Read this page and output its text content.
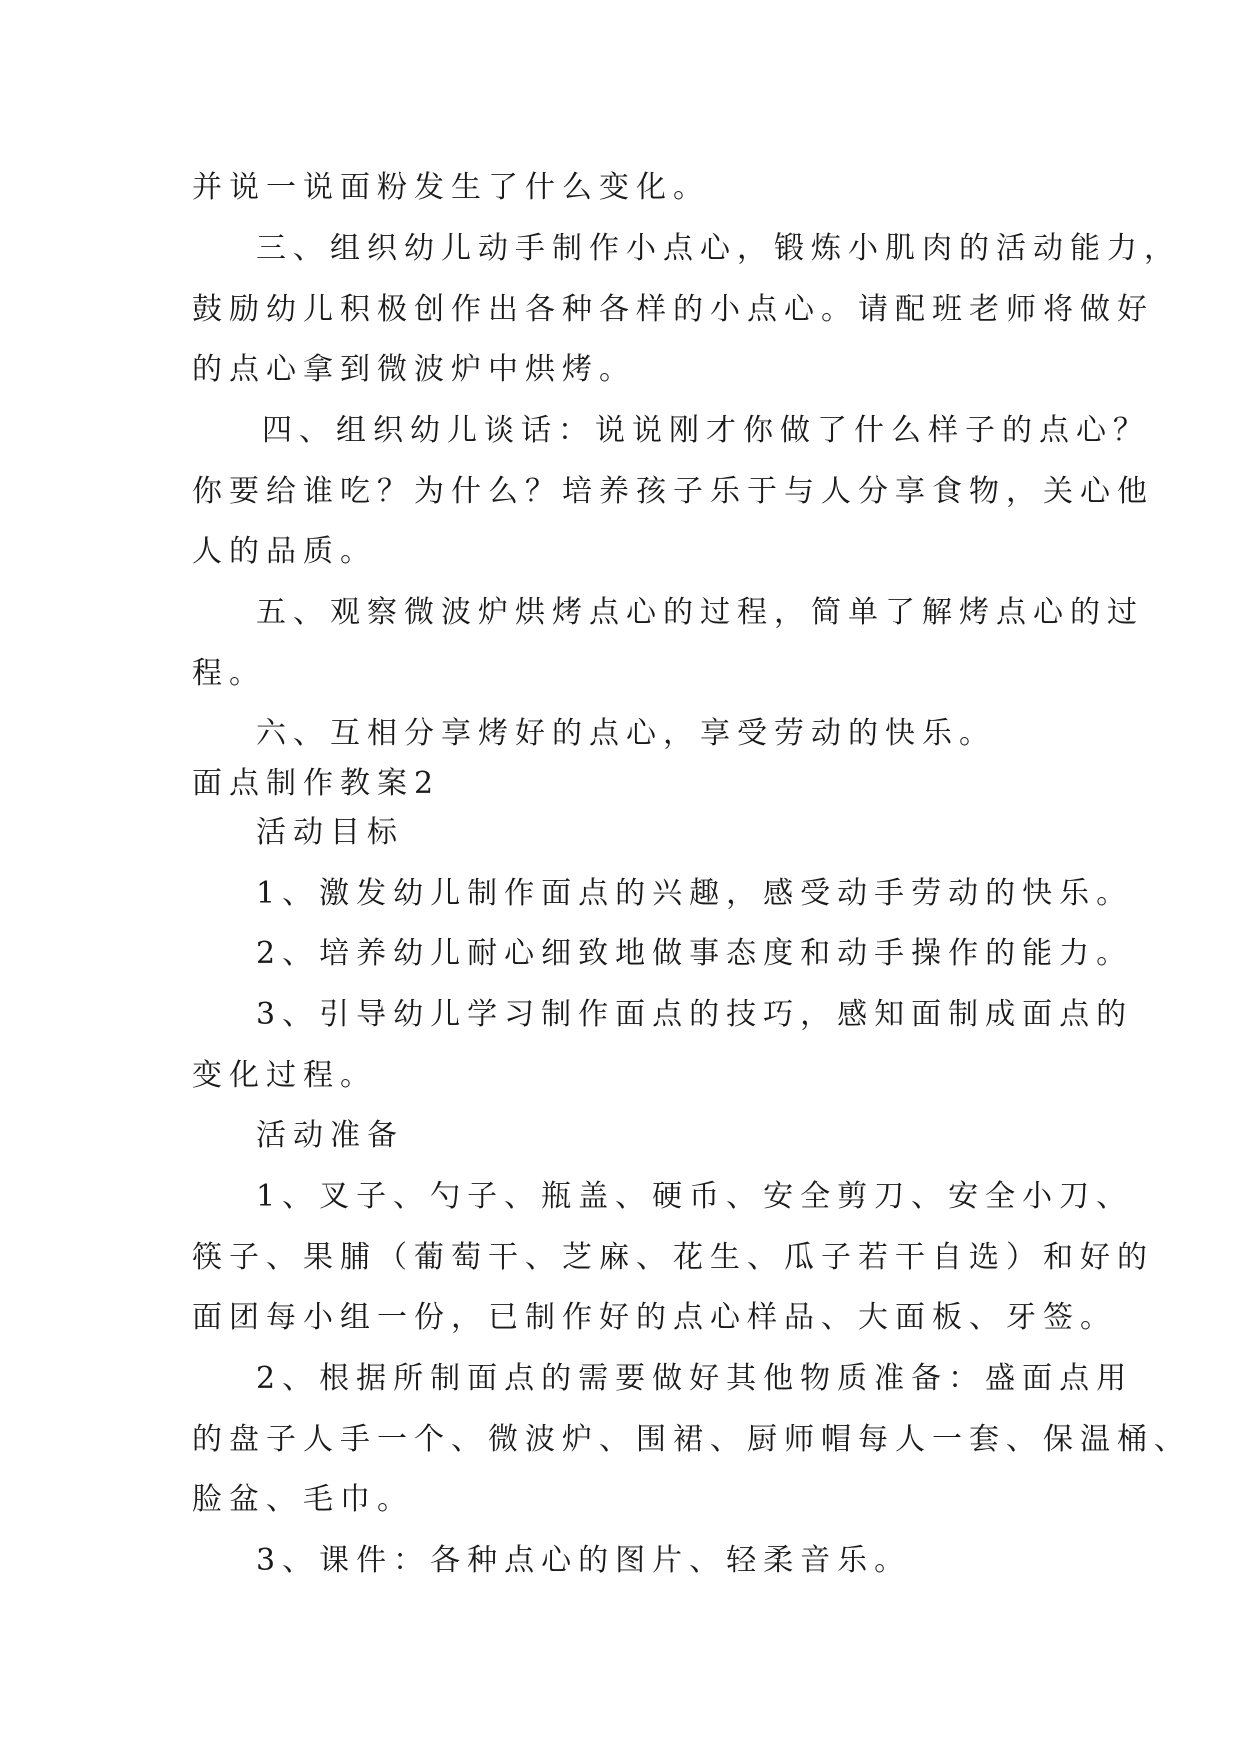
并说一说面粉发生了什么变化。
三、组织幼儿动手制作小点心，锻炼小肌肉的活动能力，
鼓励幼儿积极创作出各种各样的小点心。请配班老师将做好
的点心拿到微波炉中烘烤。
四、组织幼儿谈话：说说刚才你做了什么样子的点心？
你要给谁吃？为什么？培养孩子乐于与人分享食物，关心他
人的品质。
五、观察微波炉烘烤点心的过程，简单了解烤点心的过
程。
六、互相分享烤好的点心，享受劳动的快乐。
面点制作教案2
活动目标
1、激发幼儿制作面点的兴趣，感受动手劳动的快乐。
2、培养幼儿耐心细致地做事态度和动手操作的能力。
3、引导幼儿学习制作面点的技巧，感知面制成面点的
变化过程。
活动准备
1、叉子、勺子、瓶盖、硬币、安全剪刀、安全小刀、
筷子、果脯（葡萄干、芝麻、花生、瓜子若干自选）和好的
面团每小组一份，已制作好的点心样品、大面板、牙签。
2、根据所制面点的需要做好其他物质准备：盛面点用
的盘子人手一个、微波炉、围裙、厨师帽每人一套、保温桶、
脸盆、毛巾。
3、课件：各种点心的图片、轻柔音乐。
